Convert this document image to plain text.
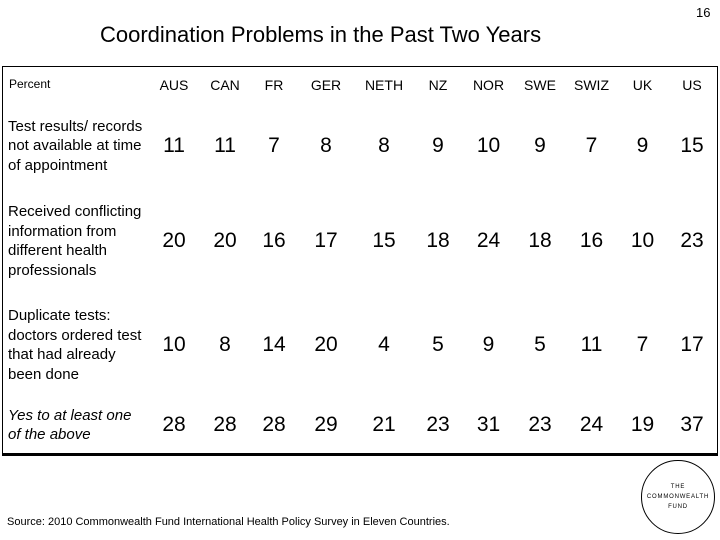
16
Coordination Problems in the Past Two Years
Percent	AUS	CAN	FR	GER	NETH	NZ	NOR	SWE	SWIZ	UK	US
Test results/ records not available at time of appointment	11	11	7	8	8	9	10	9	7	9	15
Received conflicting information from different health professionals	20	20	16	17	15	18	24	18	16	10	23
Duplicate tests: doctors ordered test that had already been done	10	8	14	20	4	5	9	5	11	7	17
Yes to at least one of the above	28	28	28	29	21	23	31	23	24	19	37
Source: 2010 Commonwealth Fund International Health Policy Survey in Eleven Countries.
THE
COMMONWEALTH
FUND
